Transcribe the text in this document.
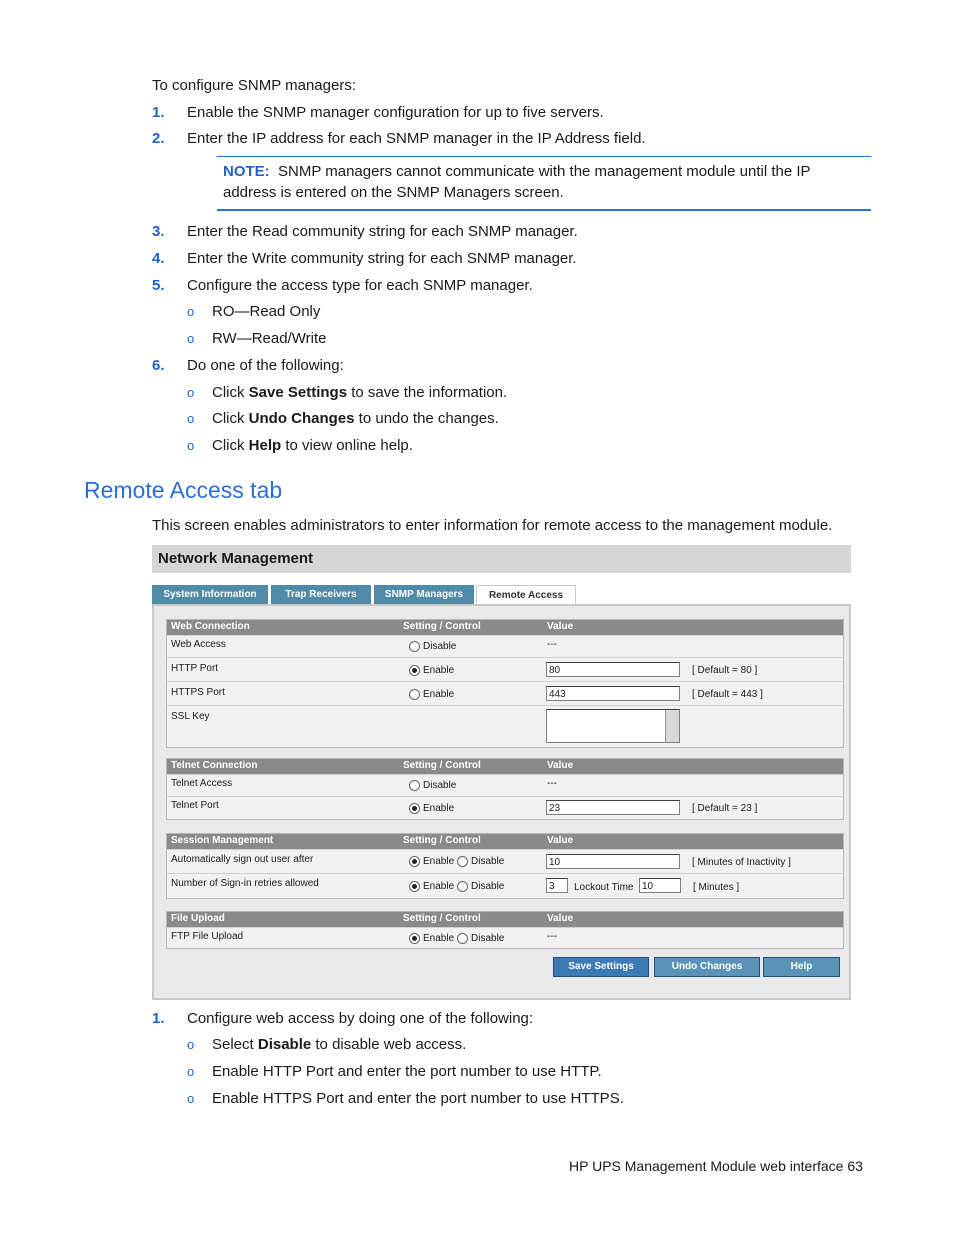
To configure SNMP managers:
1.	Enable the SNMP manager configuration for up to five servers.
2.	Enter the IP address for each SNMP manager in the IP Address field.

NOTE: SNMP managers cannot communicate with the management module until the IP address is entered on the SNMP Managers screen.

3.	Enter the Read community string for each SNMP manager.
4.	Enter the Write community string for each SNMP manager.
5.	Configure the access type for each SNMP manager.
o RO—Read Only
o RW—Read/Write
6.	Do one of the following:
o Click Save Settings to save the information.
o Click Undo Changes to undo the changes.
o Click Help to view online help.
Remote Access tab
This screen enables administrators to enter information for remote access to the management module.
Network Management
System Information	Trap Receivers	SNMP Managers	Remote Access
Web Connection	Setting / Control	Value
Web Access	Disable	---
HTTP Port	Enable	80	[ Default = 80 ]
HTTPS Port	Enable	443	[ Default = 443 ]
SSL Key
Telnet Connection	Setting / Control	Value
Telnet Access	Disable	---
Telnet Port	Enable	23	[ Default = 23 ]
Session Management	Setting / Control	Value
Automatically sign out user after	Enable	Disable	10	[ Minutes of Inactivity ]
Number of Sign-in retries allowed	Enable	Disable	3	Lockout Time 10	[ Minutes ]
File Upload	Setting / Control	Value
FTP File Upload	Enable	Disable	---
Save Settings	Undo Changes	Help
1.	Configure web access by doing one of the following:
o Select Disable to disable web access.
o Enable HTTP Port and enter the port number to use HTTP.
o Enable HTTPS Port and enter the port number to use HTTPS.
HP UPS Management Module web interface 63
